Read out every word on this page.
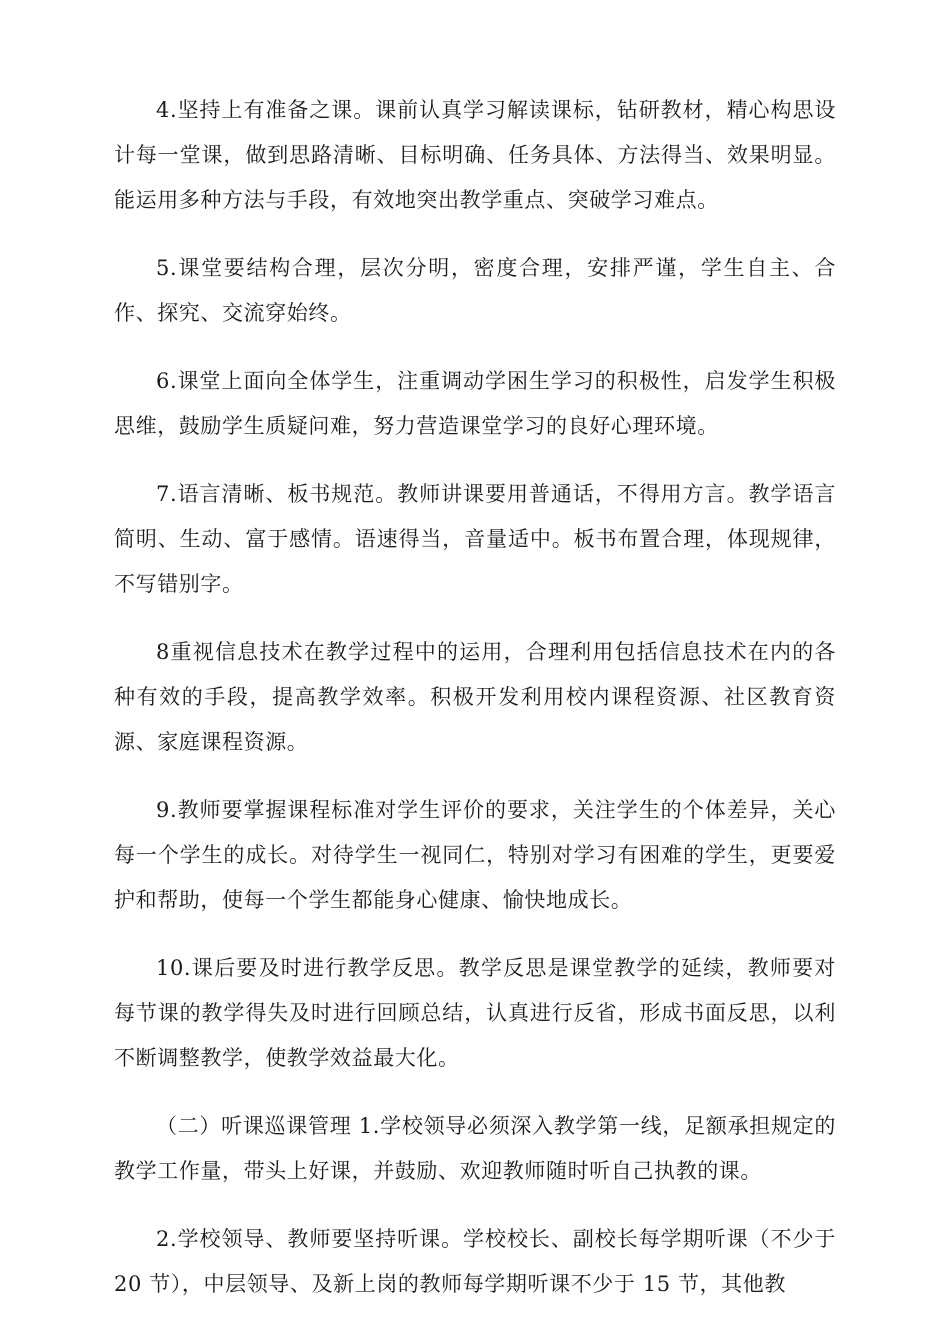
4.坚持上有准备之课。课前认真学习解读课标，钻研教材，精心构思设计每一堂课，做到思路清晰、目标明确、任务具体、方法得当、效果明显。能运用多种方法与手段，有效地突出教学重点、突破学习难点。

5.课堂要结构合理，层次分明，密度合理，安排严谨，学生自主、合作、探究、交流穿始终。

6.课堂上面向全体学生，注重调动学困生学习的积极性，启发学生积极思维，鼓励学生质疑问难，努力营造课堂学习的良好心理环境。

7.语言清晰、板书规范。教师讲课要用普通话，不得用方言。教学语言简明、生动、富于感情。语速得当，音量适中。板书布置合理，体现规律，不写错别字。

8重视信息技术在教学过程中的运用，合理利用包括信息技术在内的各种有效的手段，提高教学效率。积极开发利用校内课程资源、社区教育资源、家庭课程资源。

9.教师要掌握课程标准对学生评价的要求，关注学生的个体差异，关心每一个学生的成长。对待学生一视同仁，特别对学习有困难的学生，更要爱护和帮助，使每一个学生都能身心健康、愉快地成长。

10.课后要及时进行教学反思。教学反思是课堂教学的延续，教师要对每节课的教学得失及时进行回顾总结，认真进行反省，形成书面反思，以利不断调整教学，使教学效益最大化。

（二）听课巡课管理 1.学校领导必须深入教学第一线，足额承担规定的教学工作量，带头上好课，并鼓励、欢迎教师随时听自己执教的课。

2.学校领导、教师要坚持听课。学校校长、副校长每学期听课（不少于 20 节），中层领导、及新上岗的教师每学期听课不少于 15 节，其他教
